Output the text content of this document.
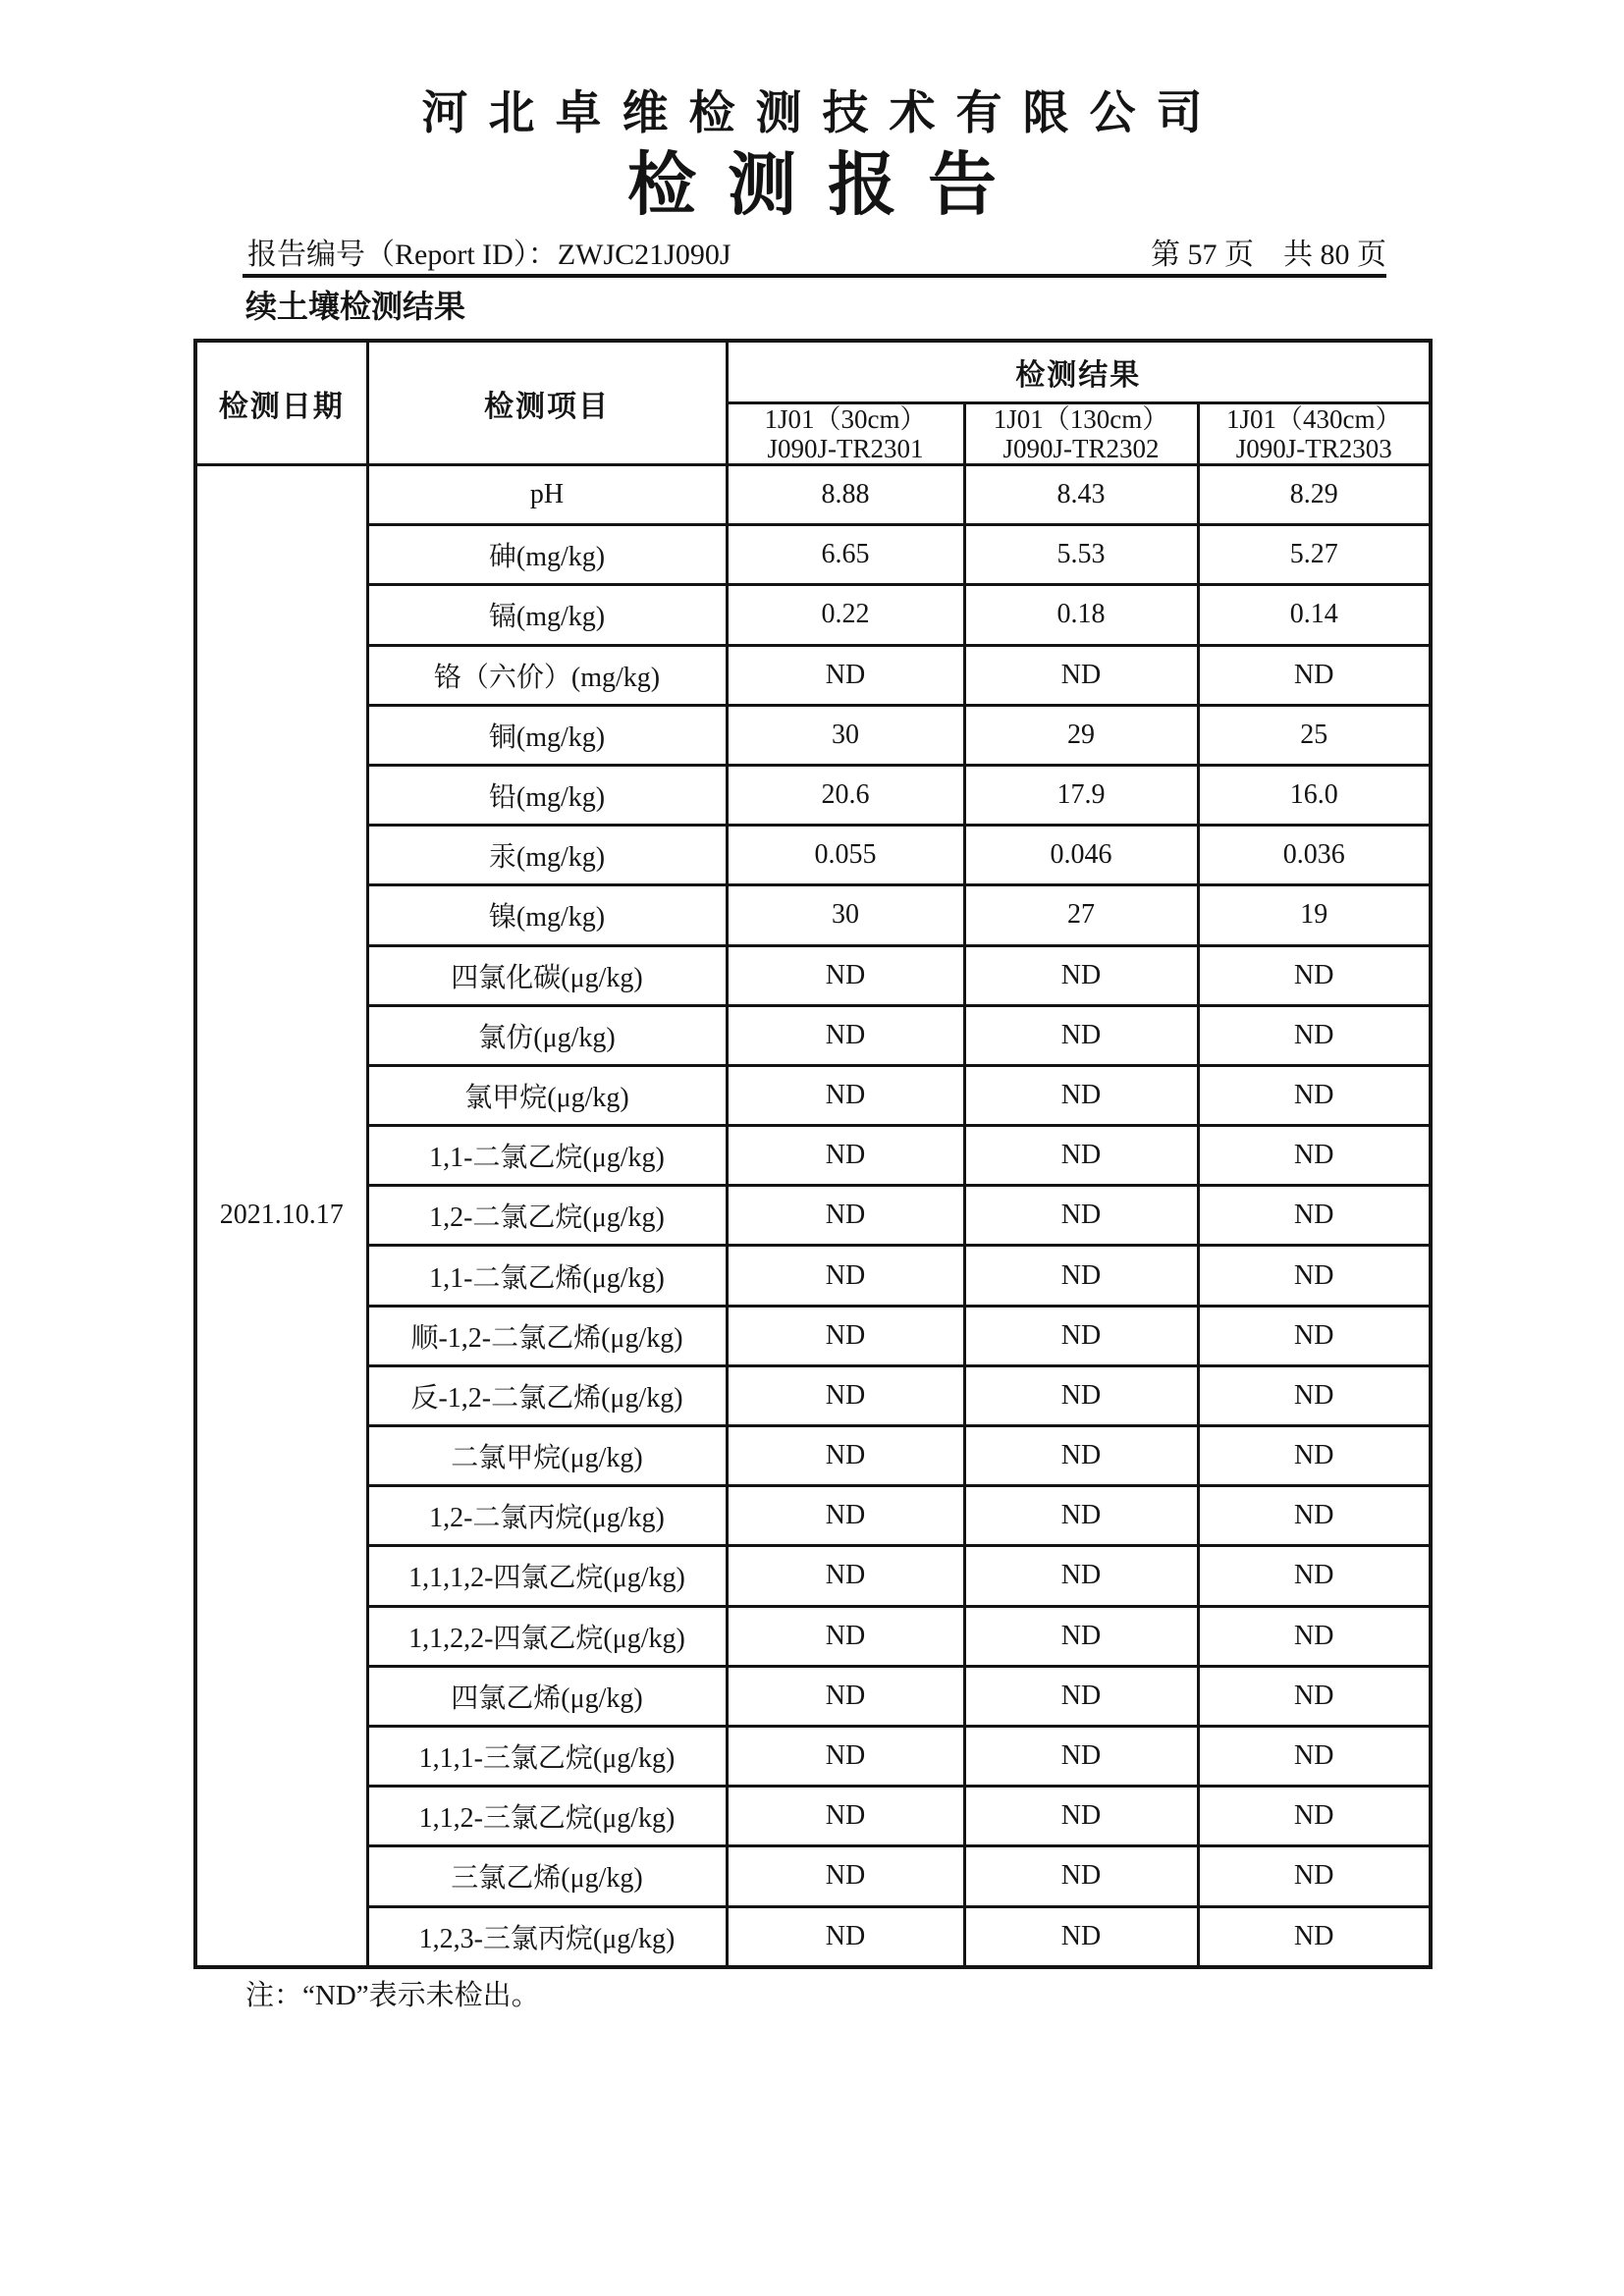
河北卓维检测技术有限公司
检测报告
报告编号（Report ID）：ZWJC21J090J	第 57 页　共 80 页
续土壤检测结果
检测日期	检测项目	检测结果		

1J01（30cm）
J090J-TR2301

1J01（130cm）
J090J-TR2302

1J01（430cm）
J090J-TR2303

2021.10.17	pH	8.88	8.43	8.29
	砷(mg/kg)	6.65	5.53	5.27
	镉(mg/kg)	0.22	0.18	0.14
	铬（六价）(mg/kg)	ND	ND	ND
	铜(mg/kg)	30	29	25
	铅(mg/kg)	20.6	17.9	16.0
	汞(mg/kg)	0.055	0.046	0.036
	镍(mg/kg)	30	27	19
	四氯化碳(μg/kg)	ND	ND	ND
	氯仿(μg/kg)	ND	ND	ND
	氯甲烷(μg/kg)	ND	ND	ND
	1,1-二氯乙烷(μg/kg)	ND	ND	ND
	1,2-二氯乙烷(μg/kg)	ND	ND	ND
	1,1-二氯乙烯(μg/kg)	ND	ND	ND
	顺-1,2-二氯乙烯(μg/kg)	ND	ND	ND
	反-1,2-二氯乙烯(μg/kg)	ND	ND	ND
	二氯甲烷(μg/kg)	ND	ND	ND
	1,2-二氯丙烷(μg/kg)	ND	ND	ND
	1,1,1,2-四氯乙烷(μg/kg)	ND	ND	ND
	1,1,2,2-四氯乙烷(μg/kg)	ND	ND	ND
	四氯乙烯(μg/kg)	ND	ND	ND
	1,1,1-三氯乙烷(μg/kg)	ND	ND	ND
	1,1,2-三氯乙烷(μg/kg)	ND	ND	ND
	三氯乙烯(μg/kg)	ND	ND	ND
	1,2,3-三氯丙烷(μg/kg)	ND	ND	ND
注：“ND”表示未检出。
